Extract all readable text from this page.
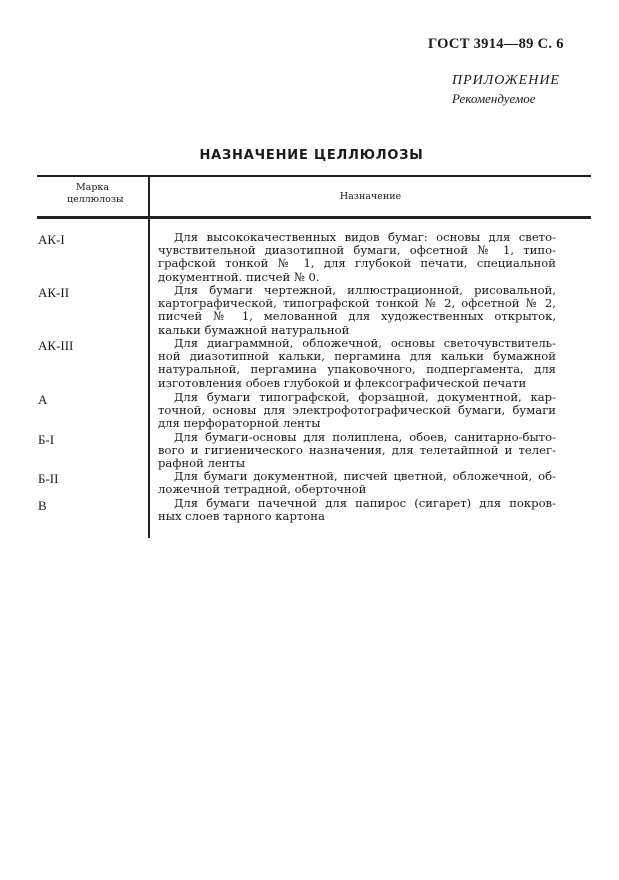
ГОСТ 3914—89 С. 6
ПРИЛОЖЕНИЕ
Рекомендуемое
НАЗНАЧЕНИЕ ЦЕЛЛЮЛОЗЫ
Марка целлюлозы	Назначение
АК-I	Для высококачественных видов бумаг: основы для свето-
чувствительной диазотипной бумаги, офсетной № 1, типо-
графской тонкой № 1, для глубокой печати, специальной
документной. писчей № 0.
АК-II	Для бумаги чертежной, иллюстрационной, рисовальной,
картографической, типографской тонкой № 2, офсетной № 2,
писчей № 1, мелованной для художественных открыток,
кальки бумажной натуральной
АК-III	Для диаграммной, обложечной, основы светочувствитель-
ной диазотипной кальки, пергамина для кальки бумажной
натуральной, пергамина упаковочного, подпергамента, для
изготовления обоев глубокой и флексографической печати
А	Для бумаги типографской, форзацной, документной, кар-
точной, основы для электрофотографической бумаги, бумаги
для перфораторной ленты
Б-I	Для бумаги-основы для полиплена, обоев, санитарно-быто-
вого и гигиенического назначения, для телетайпной и телег-
рафной ленты
Б-II	Для бумаги документной, писчей цветной, обложечной, об-
ложечной тетрадной, оберточной
В	Для бумаги пачечной для папирос (сигарет) для покров-
ных слоев тарного картона
